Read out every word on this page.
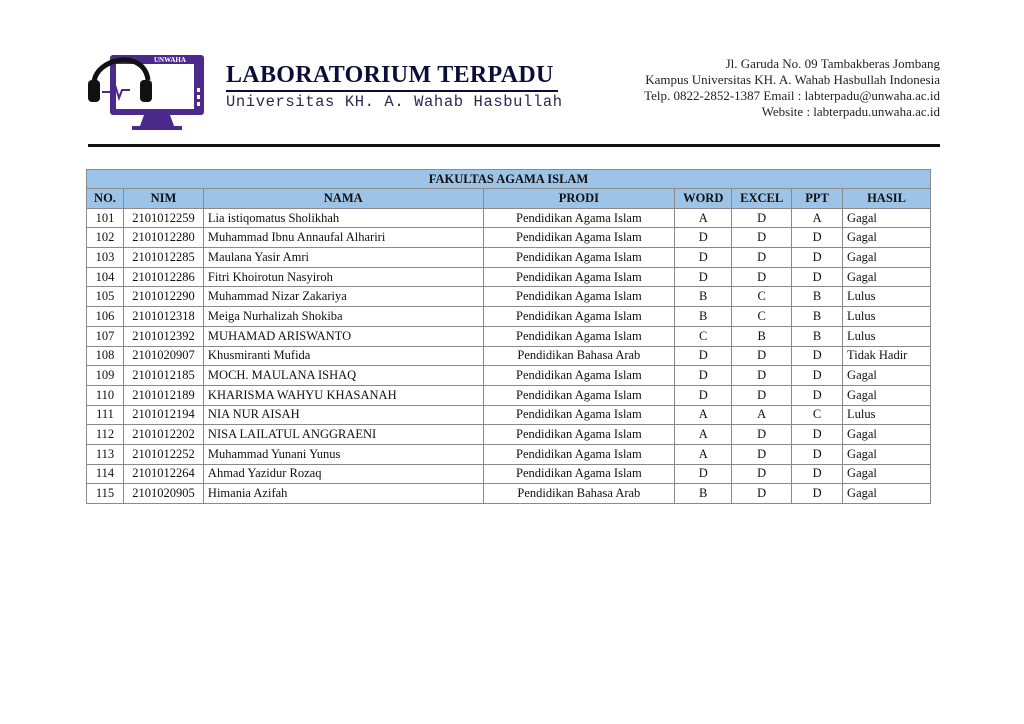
UNWAHA
LABORATORIUM TERPADU
Universitas KH. A. Wahab Hasbullah
Jl. Garuda No. 09 Tambakberas Jombang
Kampus Universitas KH. A. Wahab Hasbullah Indonesia
Telp. 0822-2852-1387 Email : labterpadu@unwaha.ac.id
Website : labterpadu.unwaha.ac.id
FAKULTAS AGAMA ISLAM							
NO.	NIM	NAMA	PRODI	WORD	EXCEL	PPT	HASIL
101	2101012259	Lia istiqomatus Sholikhah	Pendidikan Agama Islam	A	D	A	Gagal
102	2101012280	Muhammad Ibnu Annaufal Alhariri	Pendidikan Agama Islam	D	D	D	Gagal
103	2101012285	Maulana Yasir Amri	Pendidikan Agama Islam	D	D	D	Gagal
104	2101012286	Fitri Khoirotun Nasyiroh	Pendidikan Agama Islam	D	D	D	Gagal
105	2101012290	Muhammad Nizar Zakariya	Pendidikan Agama Islam	B	C	B	Lulus
106	2101012318	Meiga Nurhalizah Shokiba	Pendidikan Agama Islam	B	C	B	Lulus
107	2101012392	MUHAMAD ARISWANTO	Pendidikan Agama Islam	C	B	B	Lulus
108	2101020907	Khusmiranti Mufida	Pendidikan Bahasa Arab	D	D	D	Tidak Hadir
109	2101012185	MOCH. MAULANA ISHAQ	Pendidikan Agama Islam	D	D	D	Gagal
110	2101012189	KHARISMA WAHYU KHASANAH	Pendidikan Agama Islam	D	D	D	Gagal
111	2101012194	NIA NUR AISAH	Pendidikan Agama Islam	A	A	C	Lulus
112	2101012202	NISA LAILATUL ANGGRAENI	Pendidikan Agama Islam	A	D	D	Gagal
113	2101012252	Muhammad Yunani Yunus	Pendidikan Agama Islam	A	D	D	Gagal
114	2101012264	Ahmad Yazidur Rozaq	Pendidikan Agama Islam	D	D	D	Gagal
115	2101020905	Himania Azifah	Pendidikan Bahasa Arab	B	D	D	Gagal
